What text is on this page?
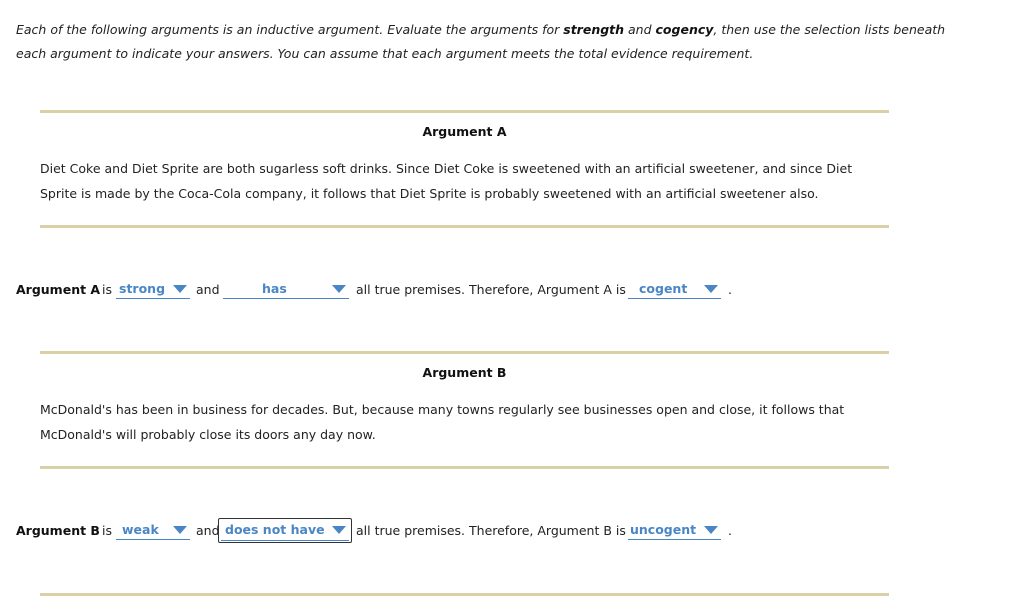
Each of the following arguments is an inductive argument. Evaluate the arguments for strength and cogency, then use the selection lists beneath each argument to indicate your answers. You can assume that each argument meets the total evidence requirement.
Argument A
Diet Coke and Diet Sprite are both sugarless soft drinks. Since Diet Coke is sweetened with an artificial sweetener, and since Diet Sprite is made by the Coca-Cola company, it follows that Diet Sprite is probably sweetened with an artificial sweetener also.
Argument A is strong and	has	all true premises. Therefore, Argument A is cogent	.
Argument B
McDonald's has been in business for decades. But, because many towns regularly see businesses open and close, it follows that McDonald's will probably close its doors any day now.
Argument B is weak	and does not have	all true premises. Therefore, Argument B is uncogent	.
